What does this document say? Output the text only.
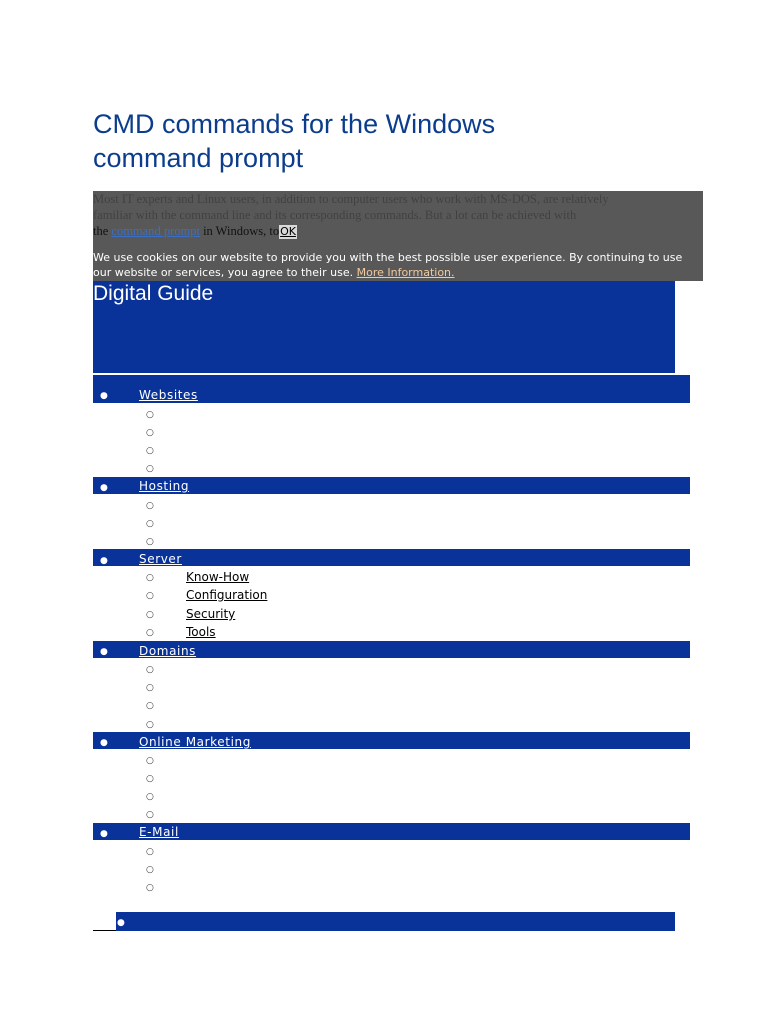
CMD commands for the Windows
command prompt
the command prompt in Windows, toOK
We use cookies on our website to provide you with the best possible user experience. By continuing to use our website or services, you agree to their use. More Information.
Digital Guide
●	Websites
○
○
○
○
●	Hosting
○
○
○
●	Server
○	Know-How
○	Configuration
○	Security
○	Tools
●	Domains
○
○
○
○
●	Online Marketing
○
○
○
○
●	E-Mail
○
○
○
●
